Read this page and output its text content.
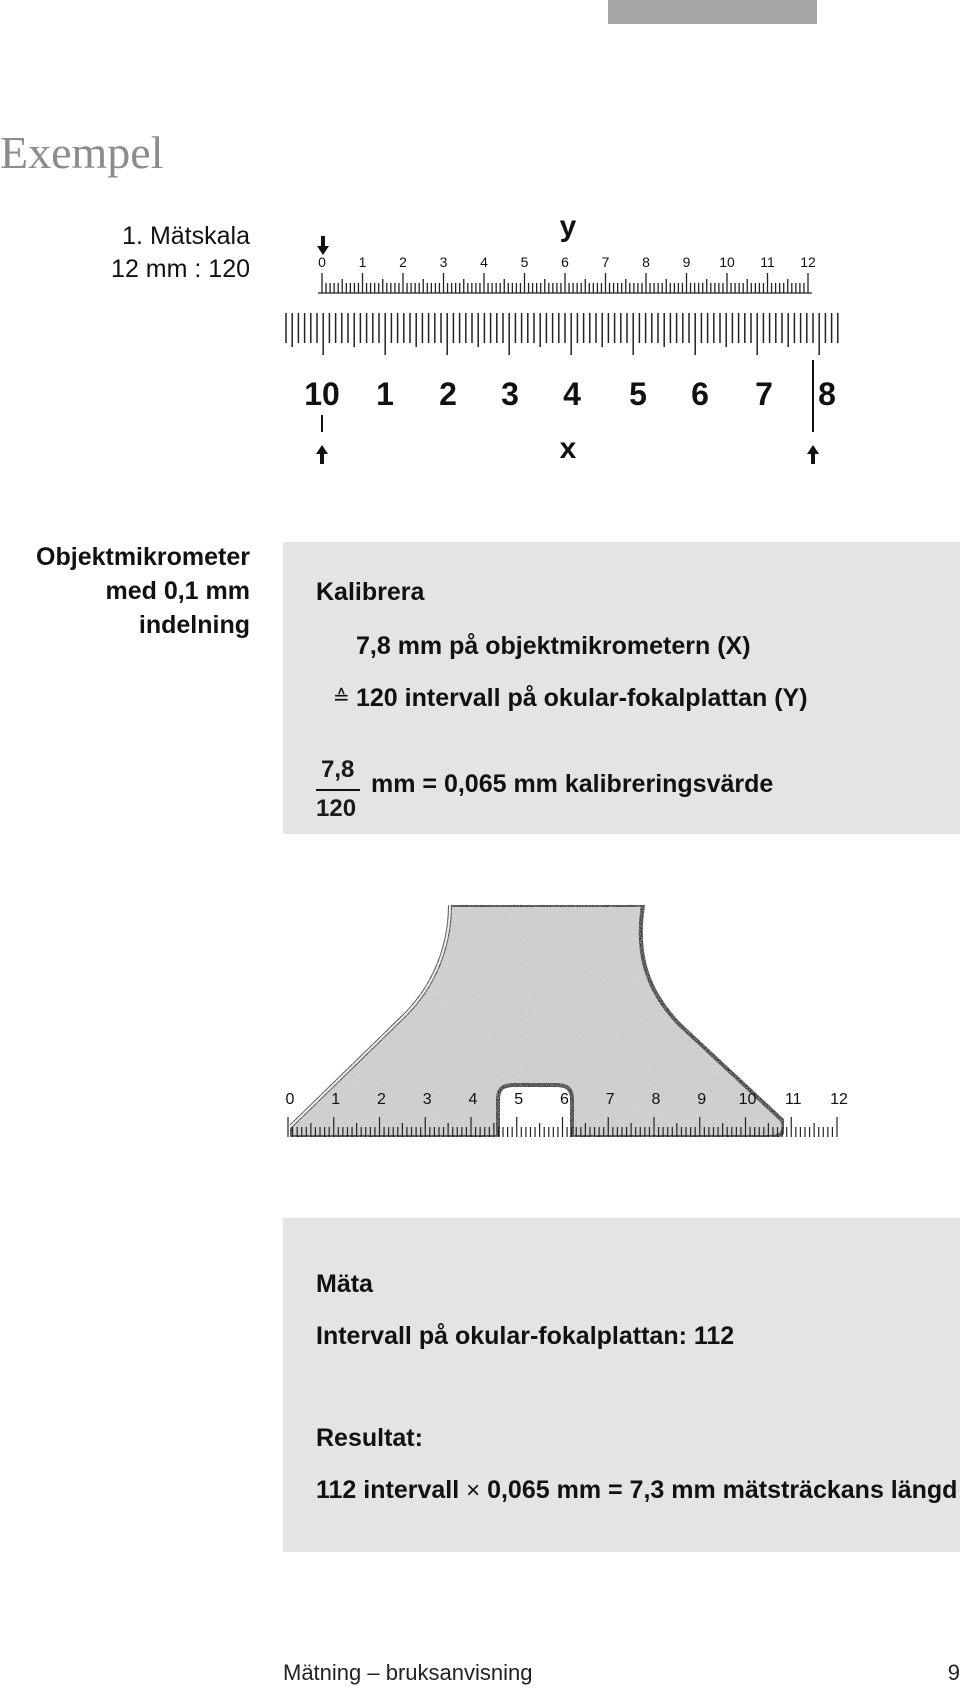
Exempel
1. Mätskala
12 mm : 120	0 1 2 3 4 5 6 7 8 9 10 11 12
y
10 1 2 3 4 5 6 7 8
x
Objektmikrometer
med 0,1 mm
indelning
Kalibrera
7,8 mm på objektmikrometern (X)
≙ 120 intervall på okular-fokalplattan (Y)
7,8
120
mm = 0,065 mm kalibreringsvärde
0 1 2 3 4 5 6 7 8 9 10 11 12
Mäta
Intervall på okular-fokalplattan: 112
Resultat:
112 intervall × 0,065 mm = 7,3 mm mätsträckans längd
Mätning – bruksanvisning	9
